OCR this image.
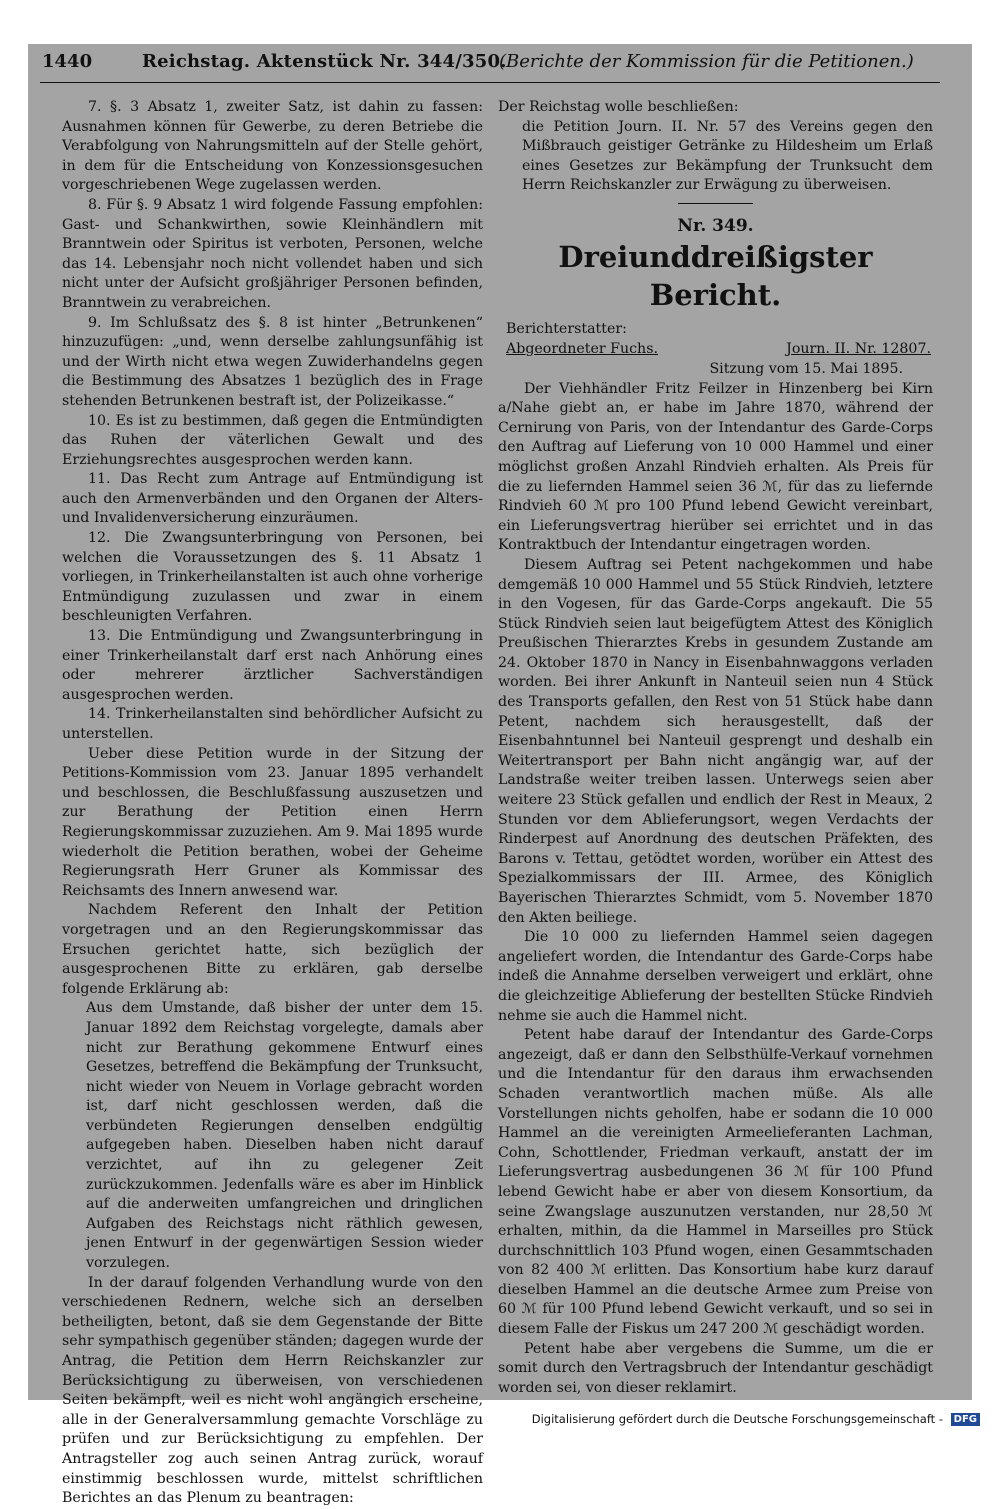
1440	Reichstag. Aktenstück Nr. 344/350.
(Berichte der Kommission für die Petitionen.)

7. §. 3 Absatz 1, zweiter Satz, ist dahin zu fassen: Ausnahmen können für Gewerbe, zu deren Betriebe die Verabfolgung von Nahrungsmitteln auf der Stelle gehört, in dem für die Entscheidung von Konzessionsgesuchen vorgeschriebenen Wege zugelassen werden.

8. Für §. 9 Absatz 1 wird folgende Fassung empfohlen: Gast- und Schankwirthen, sowie Kleinhändlern mit Branntwein oder Spiritus ist verboten, Personen, welche das 14. Lebensjahr noch nicht vollendet haben und sich nicht unter der Aufsicht großjähriger Personen befinden, Branntwein zu verabreichen.

9. Im Schlußsatz des §. 8 ist hinter „Betrunkenen“ hinzuzufügen: „und, wenn derselbe zahlungsunfähig ist und der Wirth nicht etwa wegen Zuwiderhandelns gegen die Bestimmung des Absatzes 1 bezüglich des in Frage stehenden Betrunkenen bestraft ist, der Polizeikasse.“

10. Es ist zu bestimmen, daß gegen die Entmündigten das Ruhen der väterlichen Gewalt und des Erziehungsrechtes ausgesprochen werden kann.

11. Das Recht zum Antrage auf Entmündigung ist auch den Armenverbänden und den Organen der Alters- und Invalidenversicherung einzuräumen.

12. Die Zwangsunterbringung von Personen, bei welchen die Voraussetzungen des §. 11 Absatz 1 vorliegen, in Trinkerheilanstalten ist auch ohne vorherige Entmündigung zuzulassen und zwar in einem beschleunigten Verfahren.

13. Die Entmündigung und Zwangsunterbringung in einer Trinkerheilanstalt darf erst nach Anhörung eines oder mehrerer ärztlicher Sachverständigen ausgesprochen werden.

14. Trinkerheilanstalten sind behördlicher Aufsicht zu unterstellen.

Ueber diese Petition wurde in der Sitzung der Petitions-Kommission vom 23. Januar 1895 verhandelt und beschlossen, die Beschlußfassung auszusetzen und zur Berathung der Petition einen Herrn Regierungskommissar zuzuziehen. Am 9. Mai 1895 wurde wiederholt die Petition berathen, wobei der Geheime Regierungsrath Herr Gruner als Kommissar des Reichsamts des Innern anwesend war.

Nachdem Referent den Inhalt der Petition vorgetragen und an den Regierungskommissar das Ersuchen gerichtet hatte, sich bezüglich der ausgesprochenen Bitte zu erklären, gab derselbe folgende Erklärung ab:

Aus dem Umstande, daß bisher der unter dem 15. Januar 1892 dem Reichstag vorgelegte, damals aber nicht zur Berathung gekommene Entwurf eines Gesetzes, betreffend die Bekämpfung der Trunksucht, nicht wieder von Neuem in Vorlage gebracht worden ist, darf nicht geschlossen werden, daß die verbündeten Regierungen denselben endgültig aufgegeben haben. Dieselben haben nicht darauf verzichtet, auf ihn zu gelegener Zeit zurückzukommen. Jedenfalls wäre es aber im Hinblick auf die anderweiten umfangreichen und dringlichen Aufgaben des Reichstags nicht räthlich gewesen, jenen Entwurf in der gegenwärtigen Session wieder vorzulegen.

In der darauf folgenden Verhandlung wurde von den verschiedenen Rednern, welche sich an derselben betheiligten, betont, daß sie dem Gegenstande der Bitte sehr sympathisch gegenüber ständen; dagegen wurde der Antrag, die Petition dem Herrn Reichskanzler zur Berücksichtigung zu überweisen, von verschiedenen Seiten bekämpft, weil es nicht wohl angängich erscheine, alle in der Generalversammlung gemachte Vorschläge zu prüfen und zur Berücksichtigung zu empfehlen. Der Antragsteller zog auch seinen Antrag zurück, worauf einstimmig beschlossen wurde, mittelst schriftlichen Berichtes an das Plenum zu beantragen:

Der Reichstag wolle beschließen:

die Petition Journ. II. Nr. 57 des Vereins gegen den Mißbrauch geistiger Getränke zu Hildesheim um Erlaß eines Gesetzes zur Bekämpfung der Trunksucht dem Herrn Reichskanzler zur Erwägung zu überweisen.

Nr. 349.
Dreiunddreißigster Bericht.
Berichterstatter:
Abgeordneter Fuchs.	Journ. II. Nr. 12807.

Sitzung vom 15. Mai 1895.

Der Viehhändler Fritz Feilzer in Hinzenberg bei Kirn a/Nahe giebt an, er habe im Jahre 1870, während der Cernirung von Paris, von der Intendantur des Garde-Corps den Auftrag auf Lieferung von 10 000 Hammel und einer möglichst großen Anzahl Rindvieh erhalten. Als Preis für die zu liefernden Hammel seien 36 ℳ, für das zu liefernde Rindvieh 60 ℳ pro 100 Pfund lebend Gewicht vereinbart, ein Lieferungsvertrag hierüber sei errichtet und in das Kontraktbuch der Intendantur eingetragen worden.

Diesem Auftrag sei Petent nachgekommen und habe demgemäß 10 000 Hammel und 55 Stück Rindvieh, letztere in den Vogesen, für das Garde-Corps angekauft. Die 55 Stück Rindvieh seien laut beigefügtem Attest des Königlich Preußischen Thierarztes Krebs in gesundem Zustande am 24. Oktober 1870 in Nancy in Eisenbahnwaggons verladen worden. Bei ihrer Ankunft in Nanteuil seien nun 4 Stück des Transports gefallen, den Rest von 51 Stück habe dann Petent, nachdem sich herausgestellt, daß der Eisenbahntunnel bei Nanteuil gesprengt und deshalb ein Weitertransport per Bahn nicht angängig war, auf der Landstraße weiter treiben lassen. Unterwegs seien aber weitere 23 Stück gefallen und endlich der Rest in Meaux, 2 Stunden vor dem Ablieferungsort, wegen Verdachts der Rinderpest auf Anordnung des deutschen Präfekten, des Barons v. Tettau, getödtet worden, worüber ein Attest des Spezialkommissars der III. Armee, des Königlich Bayerischen Thierarztes Schmidt, vom 5. November 1870 den Akten beiliege.

Die 10 000 zu liefernden Hammel seien dagegen angeliefert worden, die Intendantur des Garde-Corps habe indeß die Annahme derselben verweigert und erklärt, ohne die gleichzeitige Ablieferung der bestellten Stücke Rindvieh nehme sie auch die Hammel nicht.

Petent habe darauf der Intendantur des Garde-Corps angezeigt, daß er dann den Selbsthülfe-Verkauf vornehmen und die Intendantur für den daraus ihm erwachsenden Schaden verantwortlich machen müße. Als alle Vorstellungen nichts geholfen, habe er sodann die 10 000 Hammel an die vereinigten Armeelieferanten Lachman, Cohn, Schottlender, Friedman verkauft, anstatt der im Lieferungsvertrag ausbedungenen 36 ℳ für 100 Pfund lebend Gewicht habe er aber von diesem Konsortium, da seine Zwangslage auszunutzen verstanden, nur 28,50 ℳ erhalten, mithin, da die Hammel in Marseilles pro Stück durchschnittlich 103 Pfund wogen, einen Gesammtschaden von 82 400 ℳ erlitten. Das Konsortium habe kurz darauf dieselben Hammel an die deutsche Armee zum Preise von 60 ℳ für 100 Pfund lebend Gewicht verkauft, und so sei in diesem Falle der Fiskus um 247 200 ℳ geschädigt worden.

Petent habe aber vergebens die Summe, um die er somit durch den Vertragsbruch der Intendantur geschädigt worden sei, von dieser reklamirt.

Digitalisierung gefördert durch die Deutsche Forschungsgemeinschaft - DFG
